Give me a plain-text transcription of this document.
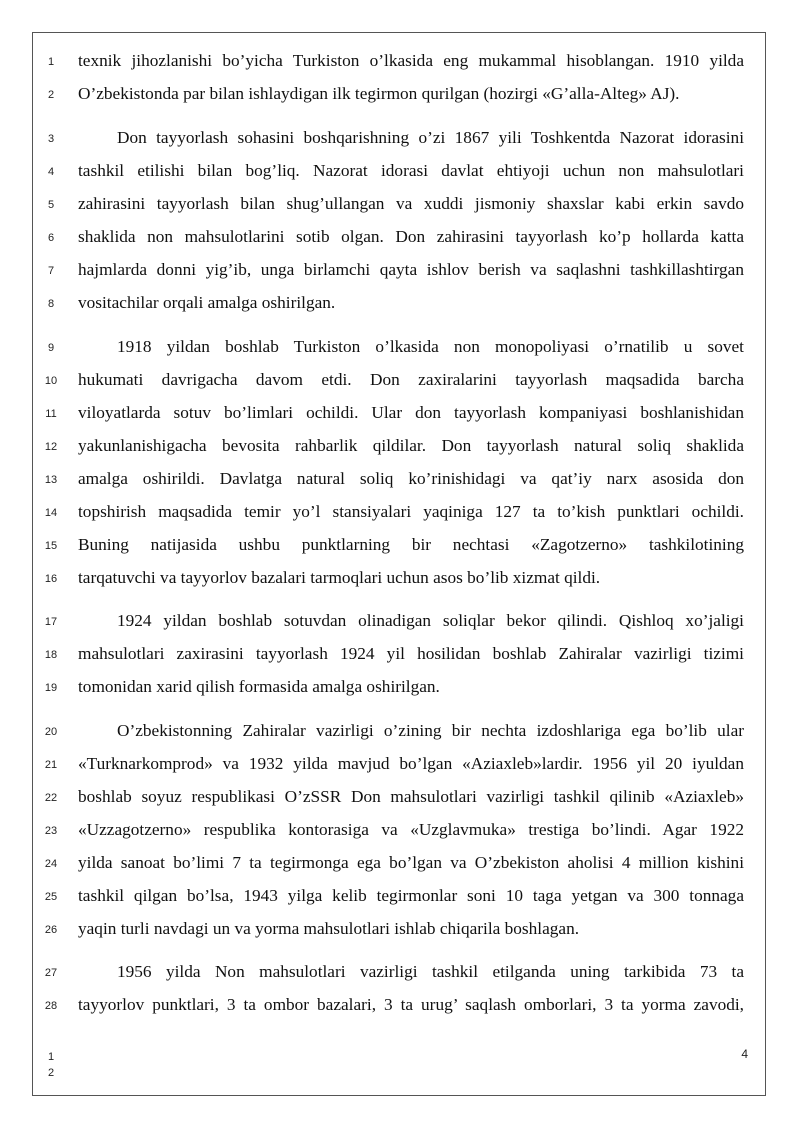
1	texnik jihozlanishi bo’yicha Turkiston o’lkasida eng mukammal hisoblangan. 1910 yilda
2	O’zbekistonda par bilan ishlaydigan ilk tegirmon qurilgan (hozirgi «G’alla-Alteg» AJ).
3	Don tayyorlash sohasini boshqarishning o’zi 1867 yili Toshkentda Nazorat idorasini
4	tashkil etilishi bilan bog’liq. Nazorat idorasi davlat ehtiyoji uchun non mahsulotlari
5	zahirasini tayyorlash bilan shug’ullangan va xuddi jismoniy shaxslar kabi erkin savdo
6	shaklida non mahsulotlarini sotib olgan. Don zahirasini tayyorlash ko’p hollarda katta
7	hajmlarda donni yig’ib, unga birlamchi qayta ishlov berish va saqlashni tashkillashtirgan
8	vositachilar orqali amalga oshirilgan.
9	1918 yildan boshlab Turkiston o’lkasida non monopoliyasi o’rnatilib u sovet
10	hukumati davrigacha davom etdi. Don zaxiralarini tayyorlash maqsadida barcha
11	viloyatlarda sotuv bo’limlari ochildi. Ular don tayyorlash kompaniyasi boshlanishidan
12	yakunlanishigacha bevosita rahbarlik qildilar. Don tayyorlash natural soliq shaklida
13	amalga oshirildi. Davlatga natural soliq ko’rinishidagi va qat’iy narx asosida don
14	topshirish maqsadida temir yo’l stansiyalari yaqiniga 127 ta to’kish punktlari ochildi.
15	Buning natijasida ushbu punktlarning bir nechtasi «Zagotzerno» tashkilotining
16	tarqatuvchi va tayyorlov bazalari tarmoqlari uchun asos bo’lib xizmat qildi.
17	1924 yildan boshlab sotuvdan olinadigan soliqlar bekor qilindi. Qishloq xo’jaligi
18	mahsulotlari zaxirasini tayyorlash 1924 yil hosilidan boshlab Zahiralar vazirligi tizimi
19	tomonidan xarid qilish formasida amalga oshirilgan.
20	O’zbekistonning Zahiralar vazirligi o’zining bir nechta izdoshlariga ega bo’lib ular
21	«Turknarkomprod» va 1932 yilda mavjud bo’lgan «Aziaxleb»lardir. 1956 yil 20 iyuldan
22	boshlab soyuz respublikasi O’zSSR Don mahsulotlari vazirligi tashkil qilinib «Aziaxleb»
23	«Uzzagotzerno» respublika kontorasiga va «Uzglavmuka» trestiga bo’lindi. Agar 1922
24	yilda sanoat bo’limi 7 ta tegirmonga ega bo’lgan va O’zbekiston aholisi 4 million kishini
25	tashkil qilgan bo’lsa, 1943 yilga kelib tegirmonlar soni 10 taga yetgan va 300 tonnaga
26	yaqin turli navdagi un va yorma mahsulotlari ishlab chiqarila boshlagan.
27	1956 yilda Non mahsulotlari vazirligi tashkil etilganda uning tarkibida 73 ta
28	tayyorlov punktlari, 3 ta ombor bazalari, 3 ta urug’ saqlash omborlari, 3 ta yorma zavodi,
1
2
4
